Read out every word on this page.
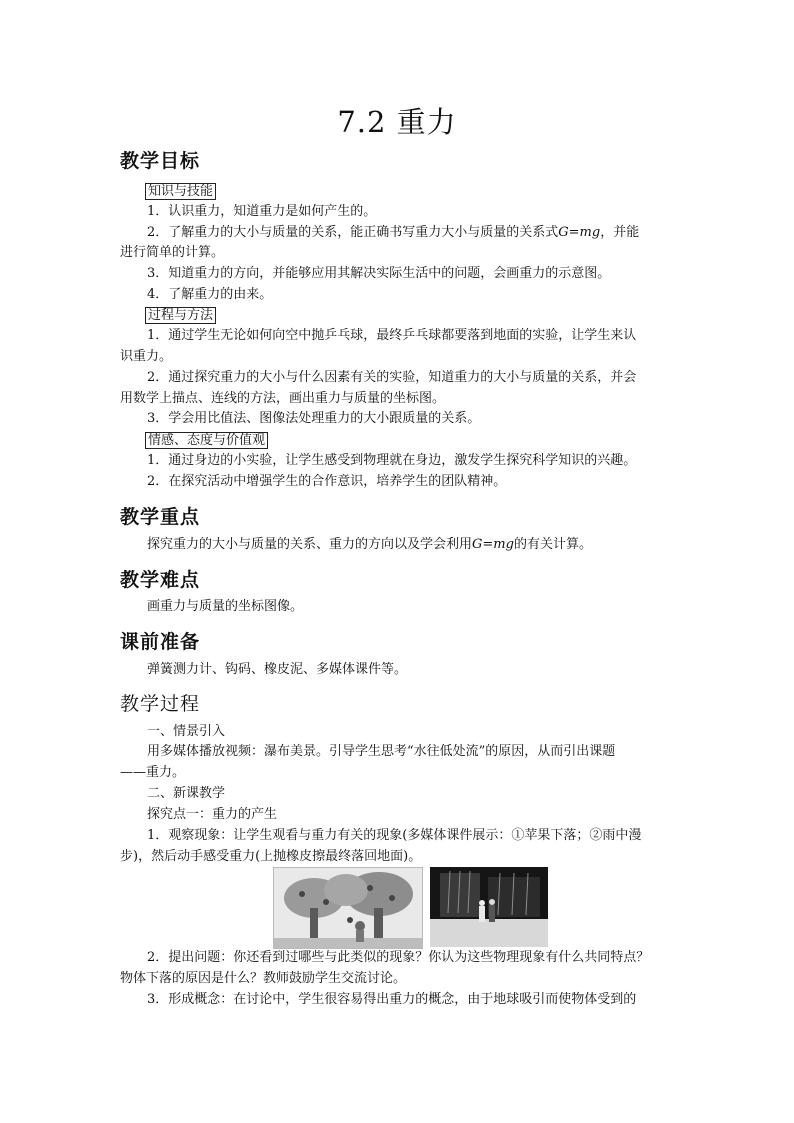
7.2 重力
教学目标
知识与技能
1．认识重力，知道重力是如何产生的。
2．了解重力的大小与质量的关系，能正确书写重力大小与质量的关系式G=mg，并能
进行简单的计算。
3．知道重力的方向，并能够应用其解决实际生活中的问题，会画重力的示意图。
4．了解重力的由来。
过程与方法
1．通过学生无论如何向空中抛乒乓球，最终乒乓球都要落到地面的实验，让学生来认
识重力。
2．通过探究重力的大小与什么因素有关的实验，知道重力的大小与质量的关系，并会
用数学上描点、连线的方法，画出重力与质量的坐标图。
3．学会用比值法、图像法处理重力的大小跟质量的关系。
情感、态度与价值观
1．通过身边的小实验，让学生感受到物理就在身边，激发学生探究科学知识的兴趣。
2．在探究活动中增强学生的合作意识，培养学生的团队精神。
教学重点
探究重力的大小与质量的关系、重力的方向以及学会利用G=mg的有关计算。
教学难点
画重力与质量的坐标图像。
课前准备
弹簧测力计、钩码、橡皮泥、多媒体课件等。
教学过程
一、情景引入
用多媒体播放视频：瀑布美景。引导学生思考“水往低处流”的原因，从而引出课题
——重力。
二、新课教学
探究点一：重力的产生
1．观察现象：让学生观看与重力有关的现象(多媒体课件展示：①苹果下落；②雨中漫
步)，然后动手感受重力(上抛橡皮擦最终落回地面)。
2．提出问题：你还看到过哪些与此类似的现象？你认为这些物理现象有什么共同特点？
物体下落的原因是什么？教师鼓励学生交流讨论。
3．形成概念：在讨论中，学生很容易得出重力的概念，由于地球吸引而使物体受到的
